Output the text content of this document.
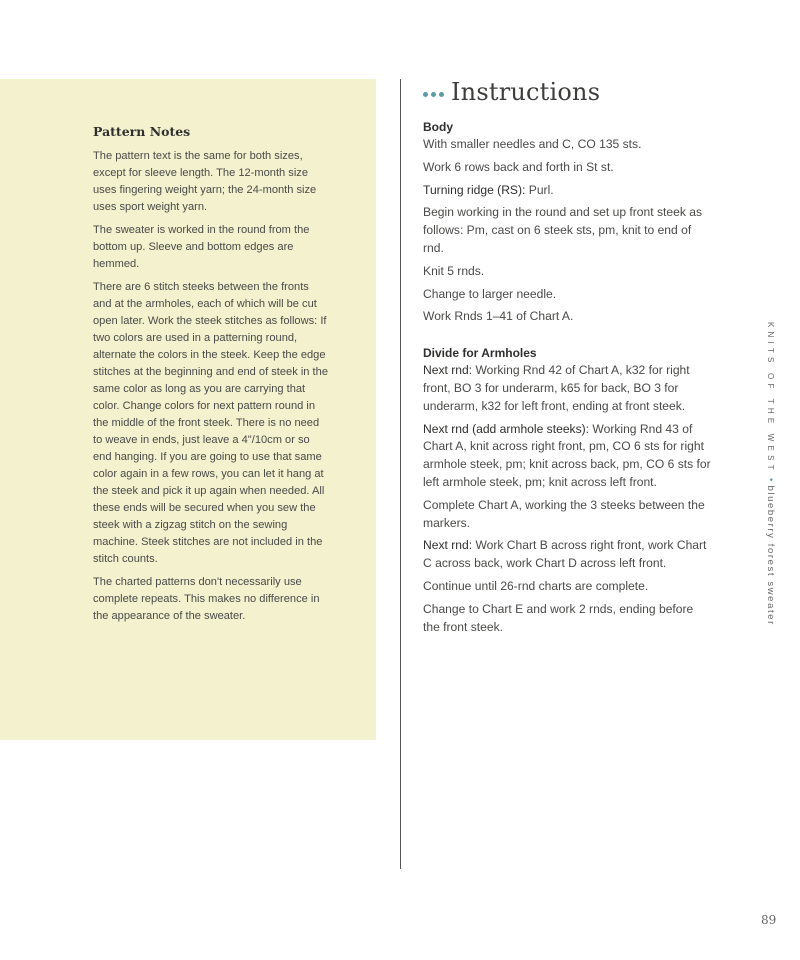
Pattern Notes

The pattern text is the same for both sizes, except for sleeve length. The 12-month size uses fingering weight yarn; the 24-month size uses sport weight yarn.

The sweater is worked in the round from the bottom up. Sleeve and bottom edges are hemmed.

There are 6 stitch steeks between the fronts and at the armholes, each of which will be cut open later. Work the steek stitches as follows: If two colors are used in a patterning round, alternate the colors in the steek. Keep the edge stitches at the beginning and end of steek in the same color as long as you are carrying that color. Change colors for next pattern round in the middle of the front steek. There is no need to weave in ends, just leave a 4"/10cm or so end hanging. If you are going to use that same color again in a few rows, you can let it hang at the steek and pick it up again when needed. All these ends will be secured when you sew the steek with a zigzag stitch on the sewing machine. Steek stitches are not included in the stitch counts.

The charted patterns don't necessarily use complete repeats. This makes no difference in the appearance of the sweater.

Instructions
Body

With smaller needles and C, CO 135 sts.

Work 6 rows back and forth in St st.

Turning ridge (RS): Purl.

Begin working in the round and set up front steek as follows: Pm, cast on 6 steek sts, pm, knit to end of rnd.

Knit 5 rnds.

Change to larger needle.

Work Rnds 1–41 of Chart A.

Divide for Armholes

Next rnd: Working Rnd 42 of Chart A, k32 for right front, BO 3 for underarm, k65 for back, BO 3 for underarm, k32 for left front, ending at front steek.

Next rnd (add armhole steeks): Working Rnd 43 of Chart A, knit across right front, pm, CO 6 sts for right armhole steek, pm; knit across back, pm, CO 6 sts for left armhole steek, pm; knit across left front.

Complete Chart A, working the 3 steeks between the markers.

Next rnd: Work Chart B across right front, work Chart C across back, work Chart D across left front.

Continue until 26-rnd charts are complete.

Change to Chart E and work 2 rnds, ending before the front steek.

KNITS OF THE WEST • blueberry forest sweater
89
